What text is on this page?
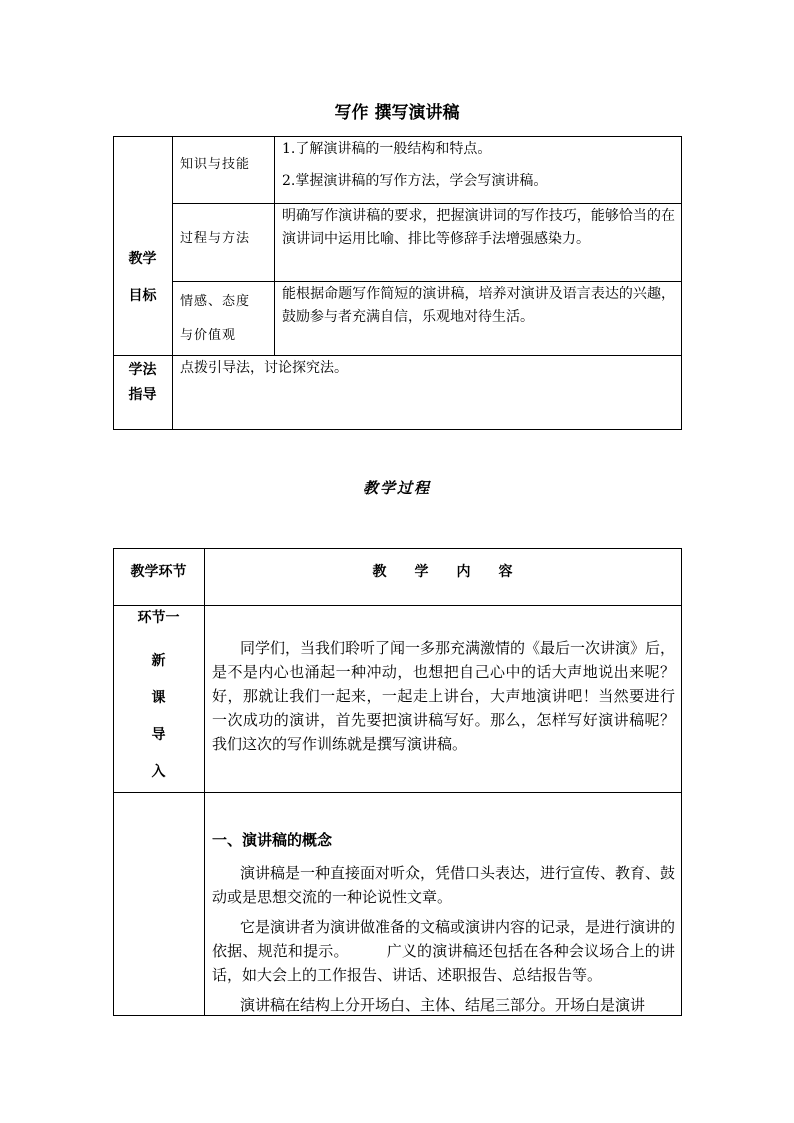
写作 撰写演讲稿
教学过程
教学
目标
知识与技能
1.了解演讲稿的一般结构和特点。
2.掌握演讲稿的写作方法，学会写演讲稿。
过程与方法
明确写作演讲稿的要求，把握演讲词的写作技巧，能够恰当的在演讲词中运用比喻、排比等修辞手法增强感染力。
情感、态度
与价值观
能根据命题写作简短的演讲稿，培养对演讲及语言表达的兴趣，鼓励参与者充满自信，乐观地对待生活。
学法
指导
点拨引导法，讨论探究法。
教学环节	教　　学　　内　　容
环节一
新
课
导
入
同学们，当我们聆听了闻一多那充满激情的《最后一次讲演》后，是不是内心也涌起一种冲动，也想把自己心中的话大声地说出来呢？好，那就让我们一起来，一起走上讲台，大声地演讲吧！当然要进行一次成功的演讲，首先要把演讲稿写好。那么，怎样写好演讲稿呢？我们这次的写作训练就是撰写演讲稿。
一、演讲稿的概念
演讲稿是一种直接面对听众，凭借口头表达，进行宣传、教育、鼓动或是思想交流的一种论说性文章。
它是演讲者为演讲做准备的文稿或演讲内容的记录，是进行演讲的依据、规范和提示。　　　广义的演讲稿还包括在各种会议场合上的讲话，如大会上的工作报告、讲话、述职报告、总结报告等。
演讲稿在结构上分开场白、主体、结尾三部分。开场白是演讲
